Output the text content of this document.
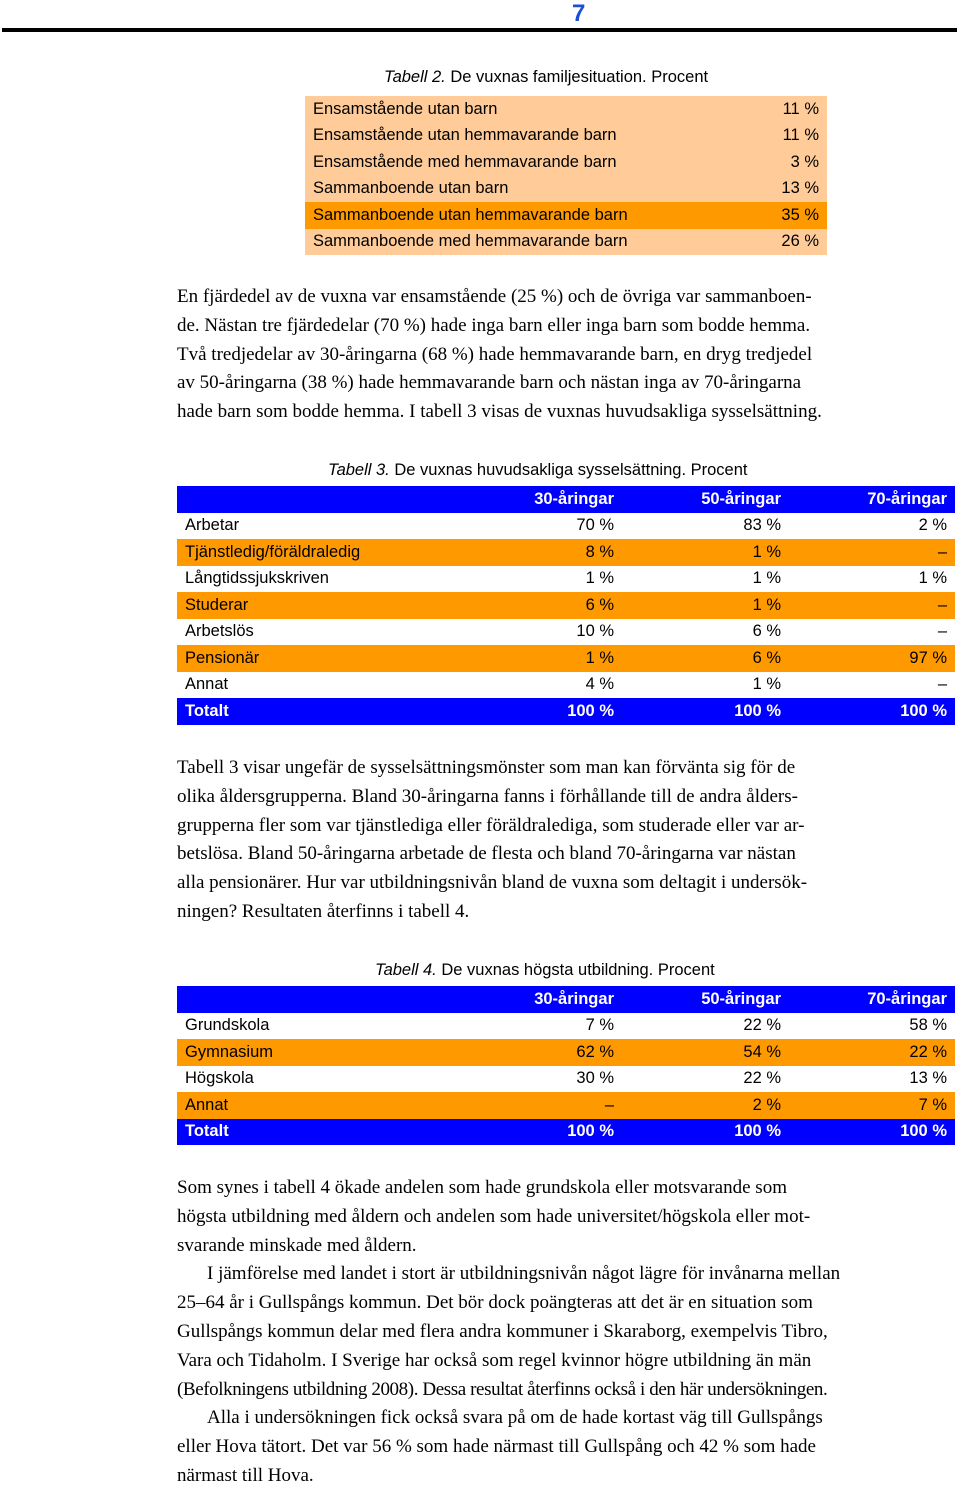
7
Tabell 2. De vuxnas familjesituation. Procent
Ensamstående utan barn	11 %
Ensamstående utan hemmavarande barn	11 %
Ensamstående med hemmavarande barn	3 %
Sammanboende utan barn	13 %
Sammanboende utan hemmavarande barn	35 %
Sammanboende med hemmavarande barn	26 %

En fjärdedel av de vuxna var ensamstående (25 %) och de övriga var sammanboen-

de. Nästan tre fjärdedelar (70 %) hade inga barn eller inga barn som bodde hemma.

Två tredjedelar av 30-åringarna (68 %) hade hemmavarande barn, en dryg tredjedel

av 50-åringarna (38 %) hade hemmavarande barn och nästan inga av 70-åringarna

hade barn som bodde hemma. I tabell 3 visas de vuxnas huvudsakliga sysselsättning.

Tabell 3. De vuxnas huvudsakliga sysselsättning. Procent
	30-åringar	50-åringar	70-åringar
Arbetar	70 %	83 %	2 %
Tjänstledig/föräldraledig	8 %	1 %	–
Långtidssjukskriven	1 %	1 %	1 %
Studerar	6 %	1 %	–
Arbetslös	10 %	6 %	–
Pensionär	1 %	6 %	97 %
Annat	4 %	1 %	–
Totalt	100 %	100 %	100 %

Tabell 3 visar ungefär de sysselsättningsmönster som man kan förvänta sig för de

olika åldersgrupperna. Bland 30-åringarna fanns i förhållande till de andra ålders-

grupperna fler som var tjänstlediga eller föräldralediga, som studerade eller var ar-

betslösa. Bland 50-åringarna arbetade de flesta och bland 70-åringarna var nästan

alla pensionärer. Hur var utbildningsnivån bland de vuxna som deltagit i undersök-

ningen? Resultaten återfinns i tabell 4.

Tabell 4. De vuxnas högsta utbildning. Procent
	30-åringar	50-åringar	70-åringar
Grundskola	7 %	22 %	58 %
Gymnasium	62 %	54 %	22 %
Högskola	30 %	22 %	13 %
Annat	–	2 %	7 %
Totalt	100 %	100 %	100 %

Som synes i tabell 4 ökade andelen som hade grundskola eller motsvarande som

högsta utbildning med åldern och andelen som hade universitet/högskola eller mot-

svarande minskade med åldern.

I jämförelse med landet i stort är utbildningsnivån något lägre för invånarna mellan

25–64 år i Gullspångs kommun. Det bör dock poängteras att det är en situation som

Gullspångs kommun delar med flera andra kommuner i Skaraborg, exempelvis Tibro,

Vara och Tidaholm. I Sverige har också som regel kvinnor högre utbildning än män

(Befolkningens utbildning 2008). Dessa resultat återfinns också i den här undersökningen.

Alla i undersökningen fick också svara på om de hade kortast väg till Gullspångs

eller Hova tätort. Det var 56 % som hade närmast till Gullspång och 42 % som hade

närmast till Hova.
